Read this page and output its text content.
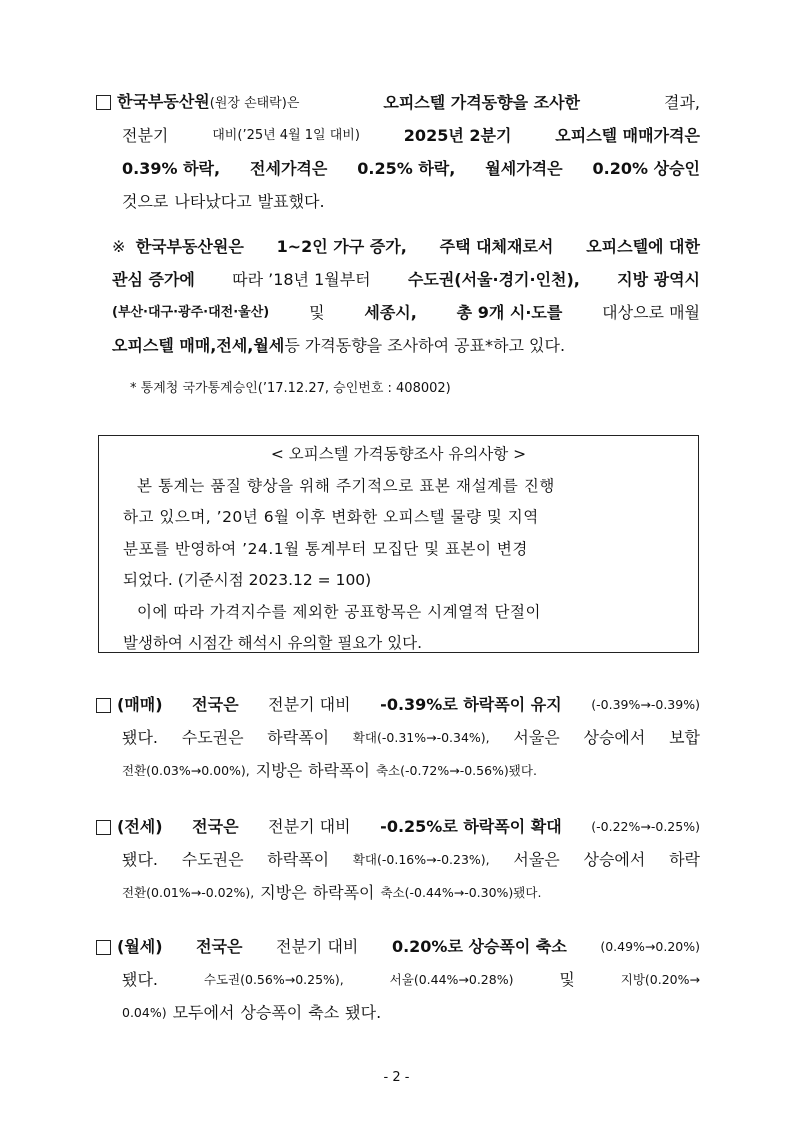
한국부동산원(원장 손태락)은	오피스텔 가격동향을 조사한	결과,
전분기	대비(’25년 4월 1일 대비)	2025년 2분기	오피스텔 매매가격은
0.39% 하락, 전세가격은 0.25% 하락, 월세가격은 0.20% 상승인
것으로 나타났다고 발표했다.
※ 한국부동산원은 1∼2인 가구 증가, 주택 대체재로서 오피스텔에 대한
관심 증가에 따라 ’18년 1월부터 수도권(서울·경기·인천), 지방 광역시
(부산·대구·광주·대전·울산) 및 세종시, 총 9개 시·도를 대상으로 매월
오피스텔 매매, 전세, 월세 등 가격동향을 조사하여 공표*하고 있다.
* 통계청 국가통계승인(’17.12.27, 승인번호 : 408002)
< 오피스텔 가격동향조사 유의사항 >
본 통계는 품질 향상을 위해 주기적으로 표본 재설계를 진행
하고 있으며, ’20년 6월 이후 변화한 오피스텔 물량 및 지역
분포를 반영하여 ’24.1월 통계부터 모집단 및 표본이 변경
되었다. (기준시점 2023.12 = 100)
이에 따라 가격지수를 제외한 공표항목은 시계열적 단절이
발생하여 시점간 해석시 유의할 필요가 있다.
(매매) 전국은 전분기 대비 -0.39%로 하락폭이 유지 (-0.39%→-0.39%)
됐다. 수도권은 하락폭이 확대(-0.31%→-0.34%), 서울은 상승에서 보합
전환(0.03%→0.00%), 지방은 하락폭이 축소(-0.72%→-0.56%)됐다.
(전세) 전국은 전분기 대비 -0.25%로 하락폭이 확대 (-0.22%→-0.25%)
됐다. 수도권은 하락폭이 확대(-0.16%→-0.23%), 서울은 상승에서 하락
전환(0.01%→-0.02%), 지방은 하락폭이 축소(-0.44%→-0.30%)됐다.
(월세) 전국은 전분기 대비 0.20%로 상승폭이 축소	(0.49%→0.20%)
됐다.	수도권(0.56%→0.25%),	서울(0.44%→0.28%)	및	지방(0.20%→
0.04%) 모두에서 상승폭이 축소 됐다.
- 2 -
